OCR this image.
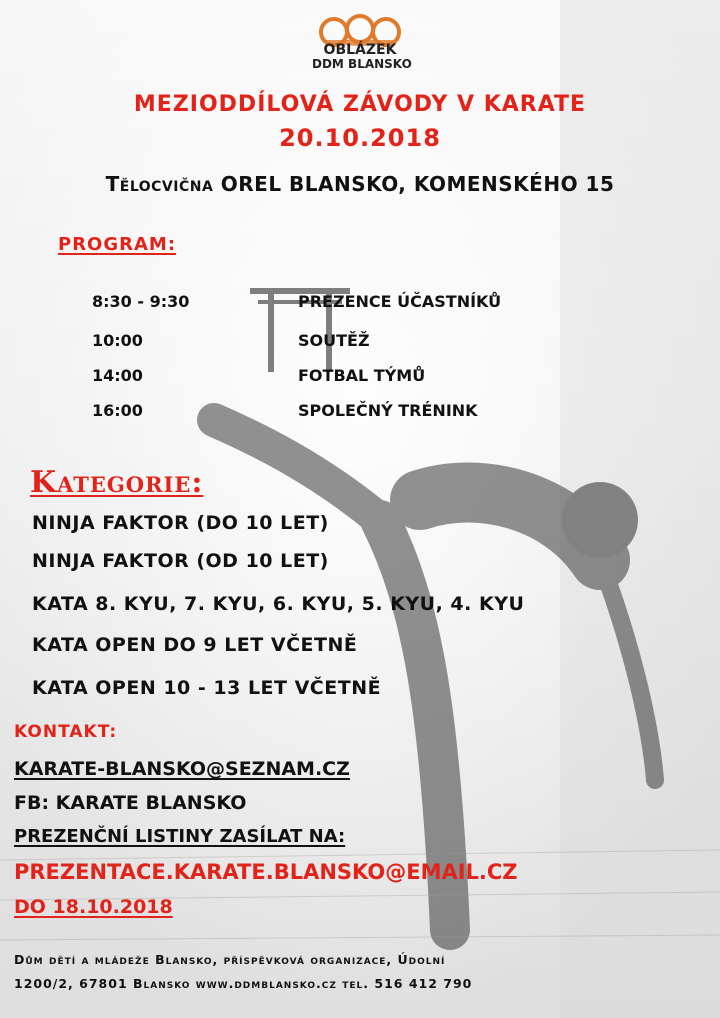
OBLÁZEK
DDM BLANSKO
MEZIODDÍLOVÁ ZÁVODY V KARATE
20.10.2018
Tělocvična OREL BLANSKO, KOMENSKÉHO 15
PROGRAM:
8:30 - 9:30	PREZENCE ÚČASTNÍKŮ
10:00	SOUTĚŽ
14:00	FOTBAL TÝMŮ
16:00	SPOLEČNÝ TRÉNINK
Kategorie:
NINJA FAKTOR (DO 10 LET)
NINJA FAKTOR (OD 10 LET)
KATA 8. KYU, 7. KYU, 6. KYU, 5. KYU, 4. KYU
KATA OPEN DO 9 LET VČETNĚ
KATA OPEN 10 - 13 LET VČETNĚ
KONTAKT:
KARATE-BLANSKO@SEZNAM.CZ
FB: KARATE BLANSKO
PREZENČNÍ LISTINY ZASÍLAT NA:
PREZENTACE.KARATE.BLANSKO@EMAIL.CZ
DO 18.10.2018
Dům dětí a mládeže Blansko, příspěvková organizace, Údolní
1200/2, 67801 Blansko www.ddmblansko.cz tel. 516 412 790
